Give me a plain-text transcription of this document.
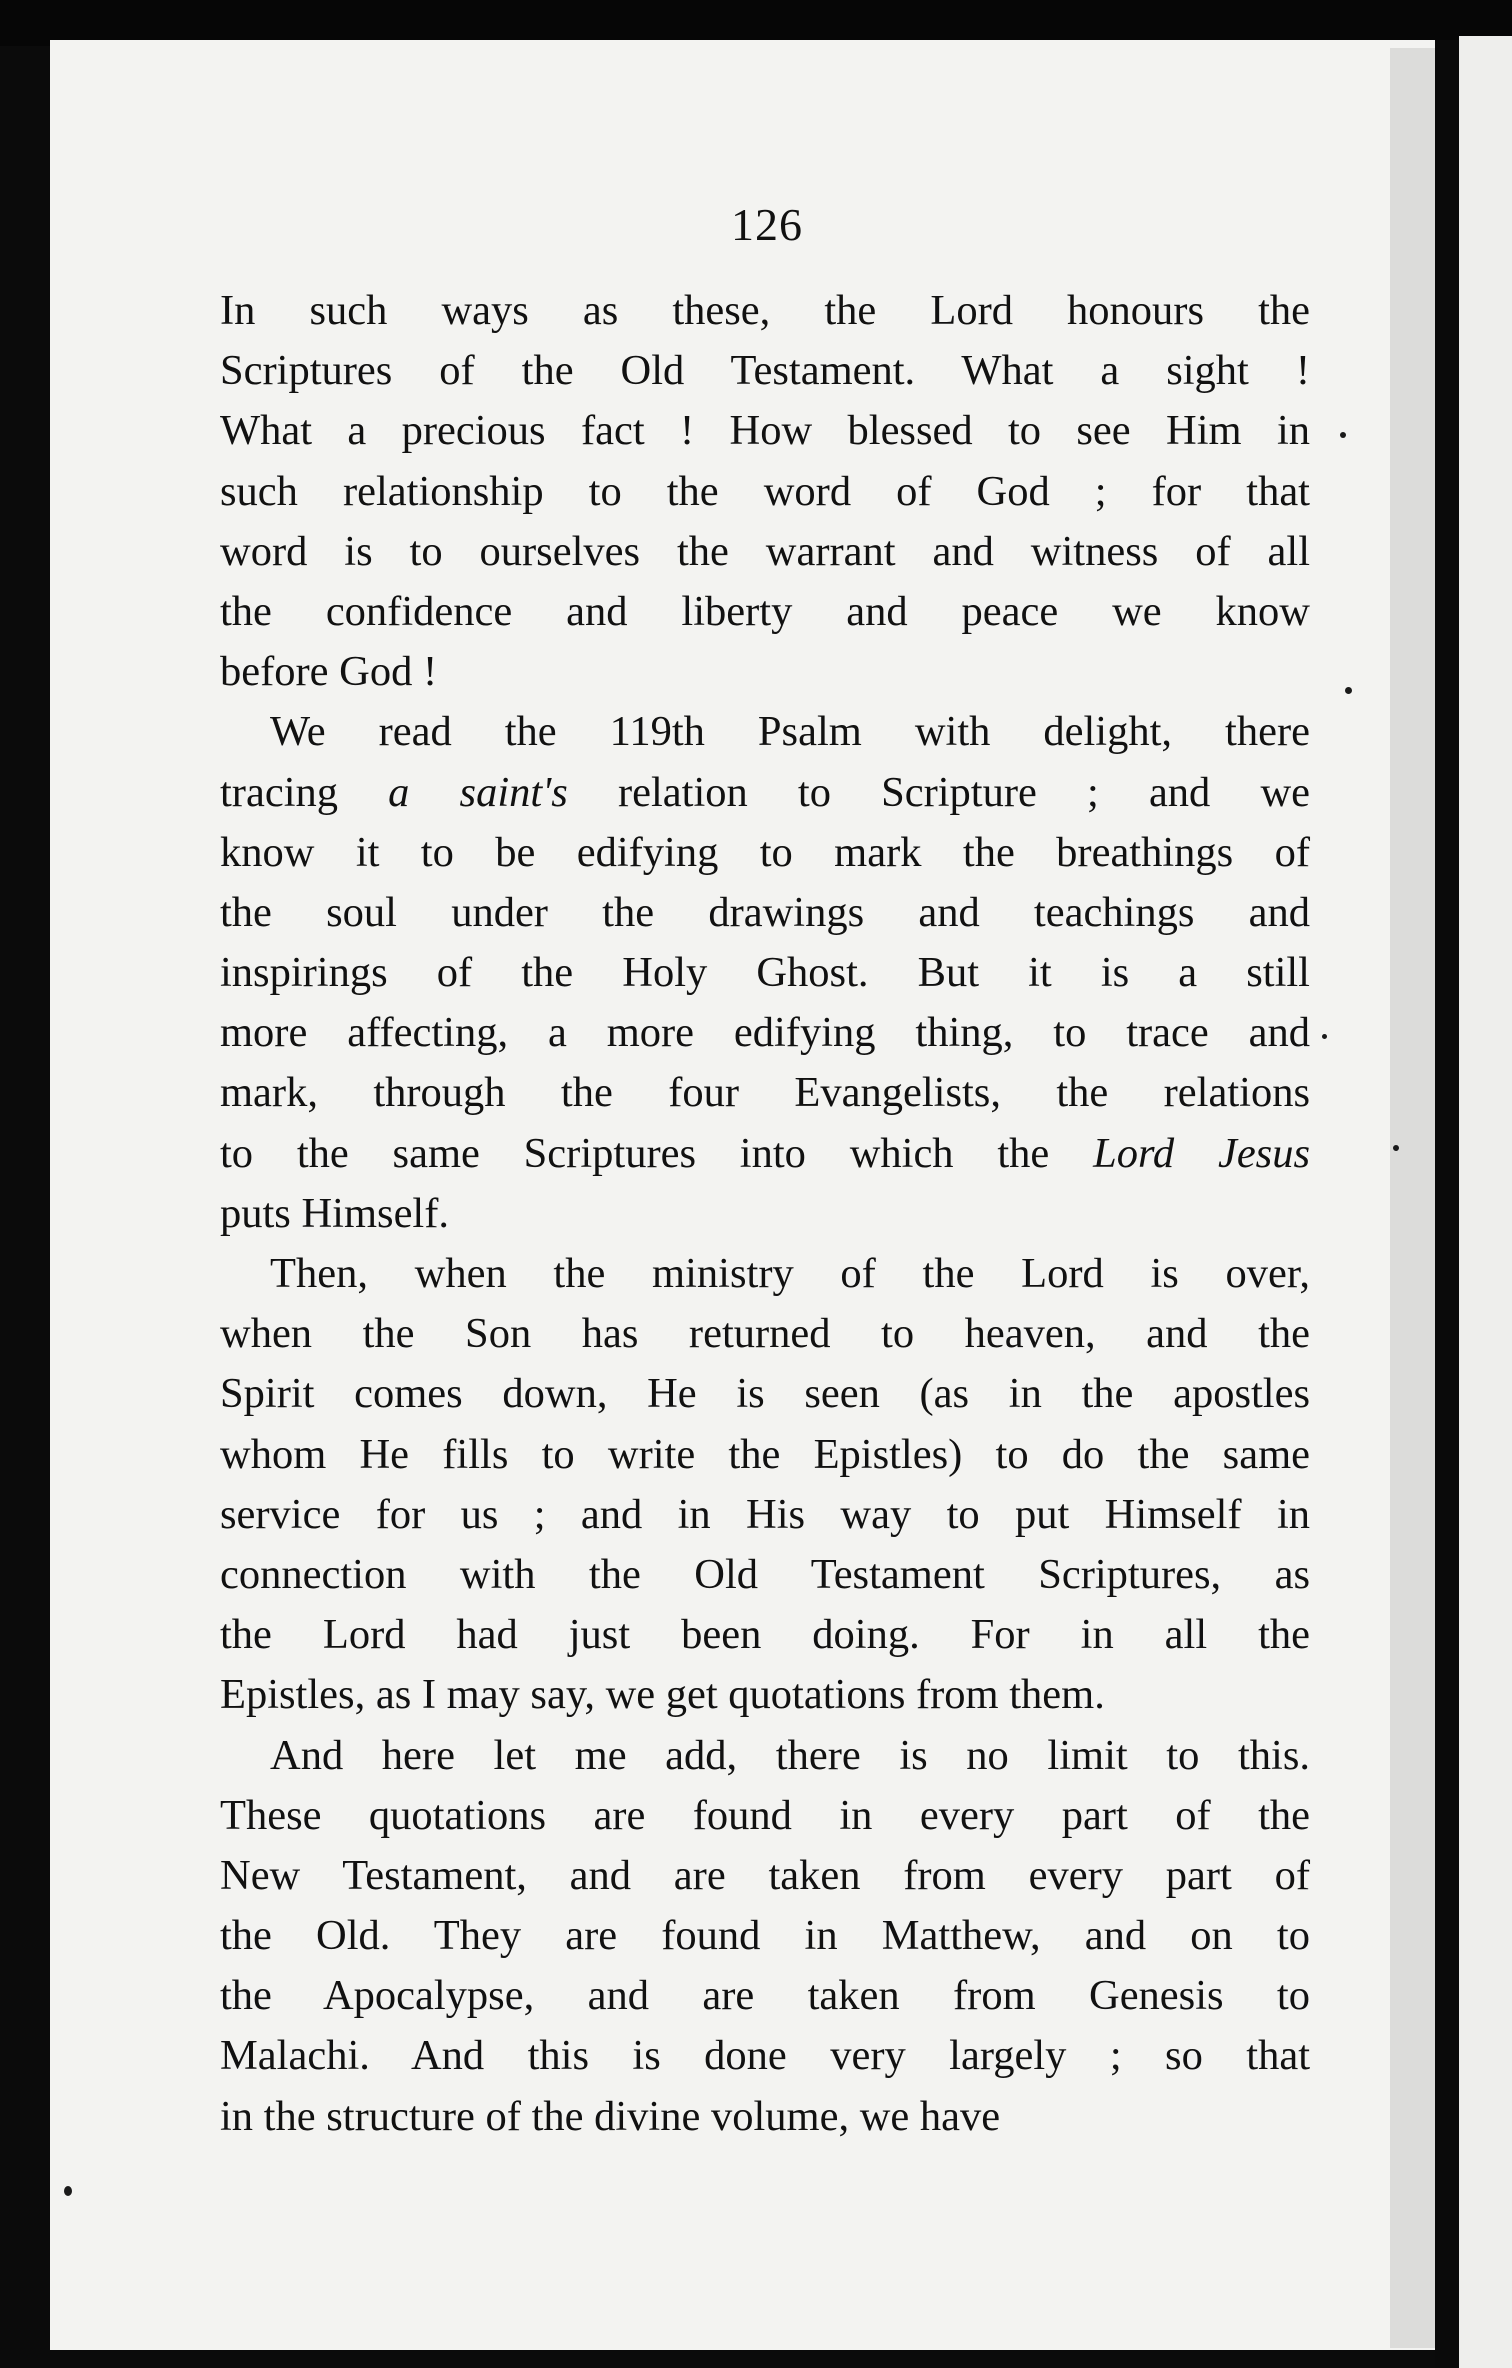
126
In such ways as these, the Lord honours the
Scriptures of the Old Testament. What a sight !
What a precious fact ! How blessed to see Him in
such relationship to the word of God ; for that
word is to ourselves the warrant and witness of all
the confidence and liberty and peace we know
before God !
We read the 119th Psalm with delight, there
tracing a saint's relation to Scripture ; and we
know it to be edifying to mark the breathings of
the soul under the drawings and teachings and
inspirings of the Holy Ghost. But it is a still
more affecting, a more edifying thing, to trace and
mark, through the four Evangelists, the relations
to the same Scriptures into which the Lord Jesus
puts Himself.
Then, when the ministry of the Lord is over,
when the Son has returned to heaven, and the
Spirit comes down, He is seen (as in the apostles
whom He fills to write the Epistles) to do the same
service for us ; and in His way to put Himself in
connection with the Old Testament Scriptures, as
the Lord had just been doing. For in all the
Epistles, as I may say, we get quotations from them.
And here let me add, there is no limit to this.
These quotations are found in every part of the
New Testament, and are taken from every part of
the Old. They are found in Matthew, and on to
the Apocalypse, and are taken from Genesis to
Malachi. And this is done very largely ; so that
in the structure of the divine volume, we have
